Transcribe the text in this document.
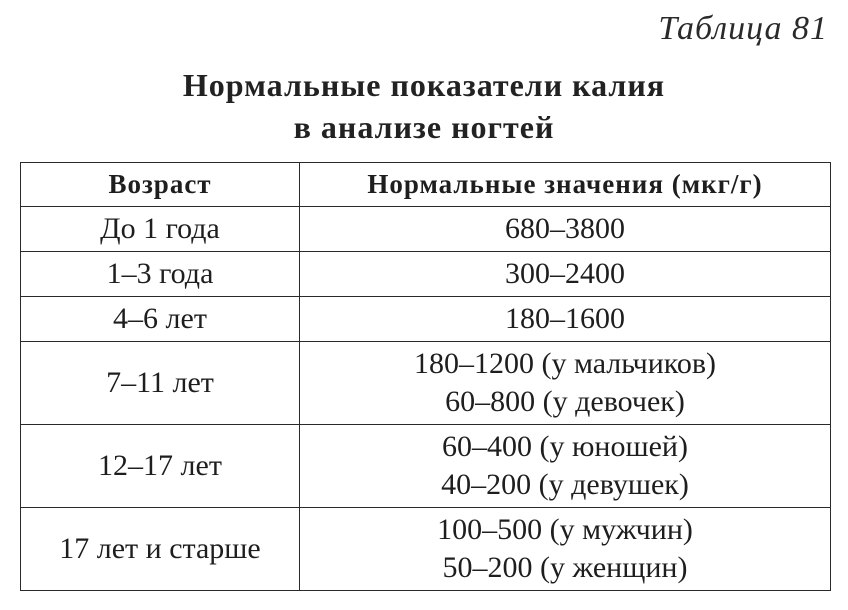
Таблица 81
Нормальные показатели калия
в анализе ногтей
Возраст	Нормальные значения (мкг/г)
До 1 года	680–3800

1–3 года	300–2400

4–6 лет	180–1600

7–11 лет	180–1200 (у мальчиков)
60–800 (у девочек)

12–17 лет	60–400 (у юношей)
40–200 (у девушек)

17 лет и старше	100–500 (у мужчин)
50–200 (у женщин)
